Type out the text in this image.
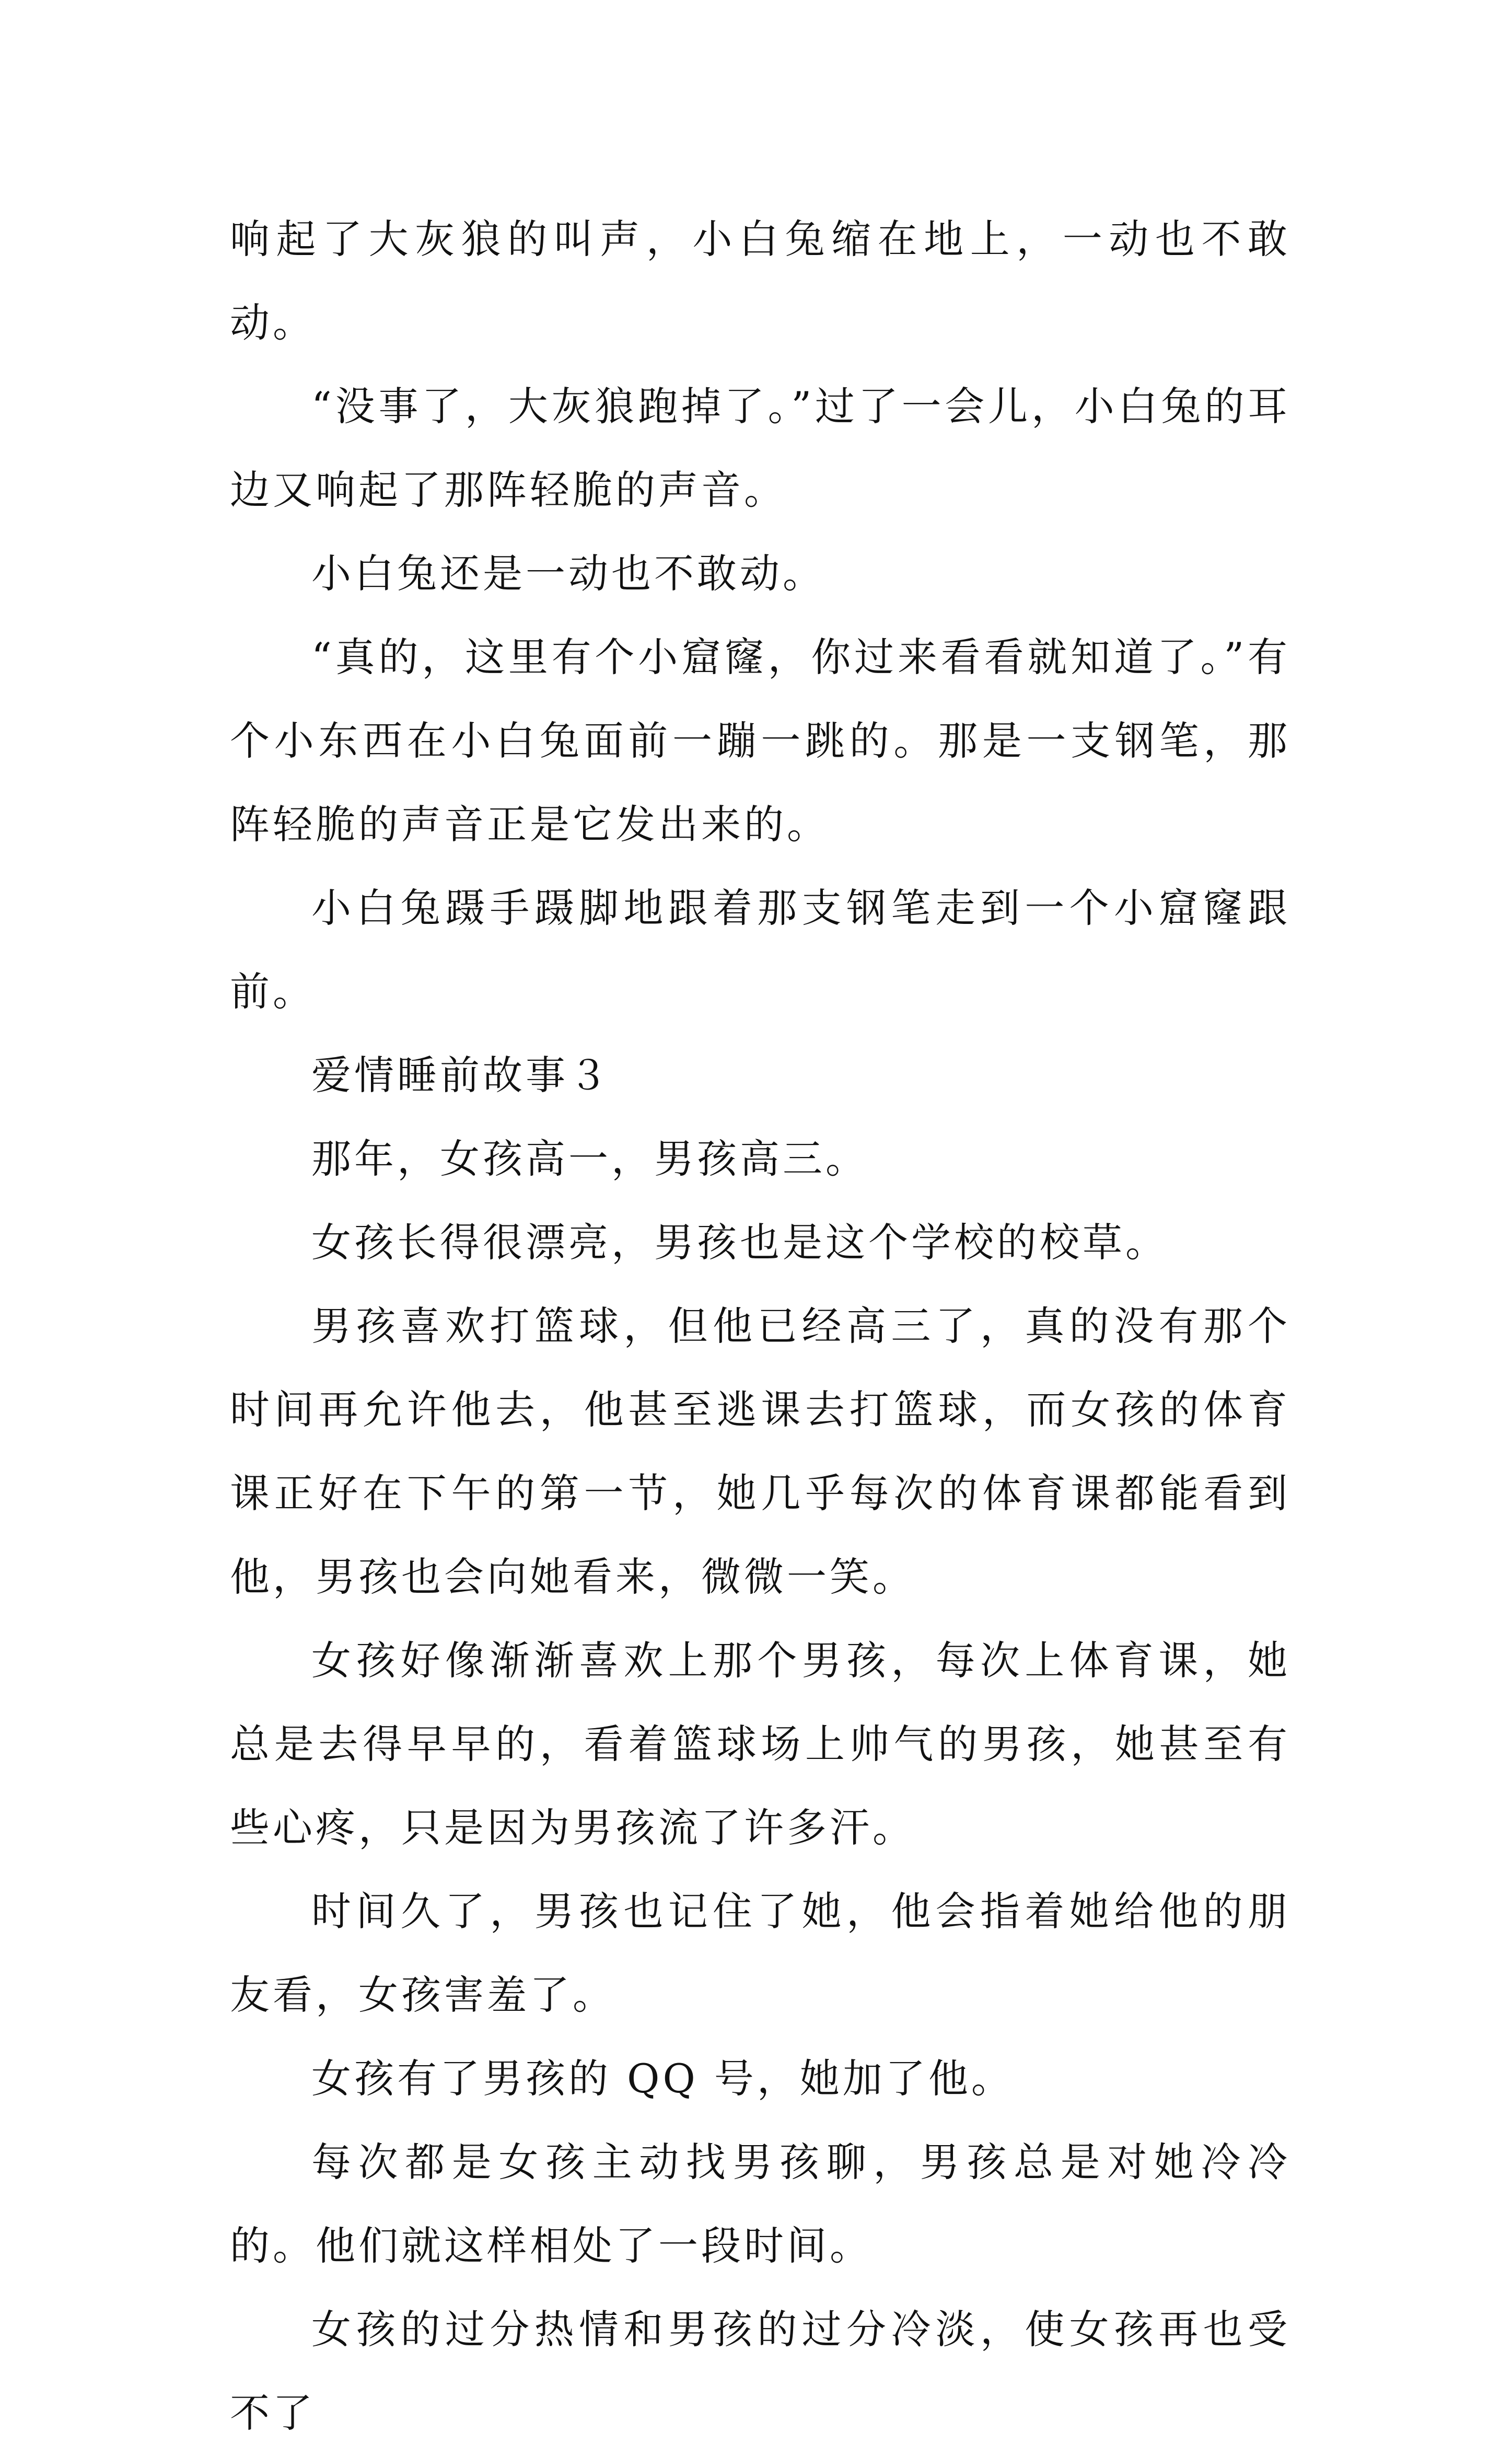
响起了大灰狼的叫声，小白兔缩在地上，一动也不敢动。

“没事了，大灰狼跑掉了。”过了一会儿，小白兔的耳边又响起了那阵轻脆的声音。

小白兔还是一动也不敢动。

“真的，这里有个小窟窿，你过来看看就知道了。”有个小东西在小白兔面前一蹦一跳的。那是一支钢笔，那阵轻脆的声音正是它发出来的。

小白兔蹑手蹑脚地跟着那支钢笔走到一个小窟窿跟前。

爱情睡前故事３

那年，女孩高一，男孩高三。

女孩长得很漂亮，男孩也是这个学校的校草。

男孩喜欢打篮球，但他已经高三了，真的没有那个时间再允许他去，他甚至逃课去打篮球，而女孩的体育课正好在下午的第一节，她几乎每次的体育课都能看到他，男孩也会向她看来，微微一笑。

女孩好像渐渐喜欢上那个男孩，每次上体育课，她总是去得早早的，看着篮球场上帅气的男孩，她甚至有些心疼，只是因为男孩流了许多汗。

时间久了，男孩也记住了她，他会指着她给他的朋友看，女孩害羞了。

女孩有了男孩的 QQ 号，她加了他。

每次都是女孩主动找男孩聊，男孩总是对她冷冷的。他们就这样相处了一段时间。

女孩的过分热情和男孩的过分冷淡，使女孩再也受不了
